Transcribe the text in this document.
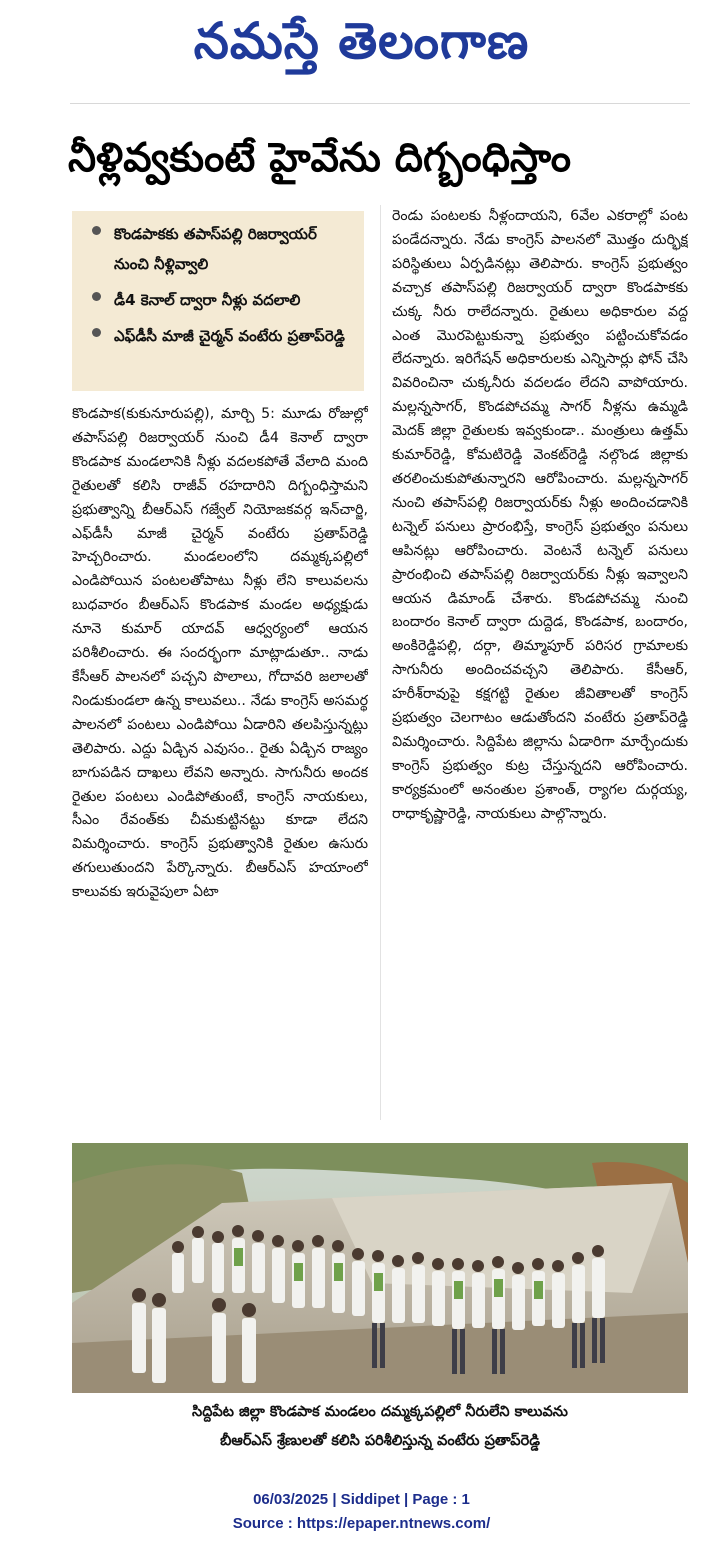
నమస్తే తెలంగాణ
నీళ్లివ్వకుంటే హైవేను దిగ్బంధిస్తాం
కొండపాకకు తపాస్‌పల్లి రిజర్వాయర్ నుంచి నీళ్లివ్వాలి
డీ4 కెనాల్ ద్వారా నీళ్లు వదలాలి
ఎఫ్‌డీసీ మాజీ చైర్మన్ వంటేరు ప్రతాప్‌రెడ్డి
కొండపాక(కుకునూరుపల్లి), మార్చి 5: మూడు రోజుల్లో తపాస్‌పల్లి రిజర్వాయర్ నుంచి డీ4 కెనాల్ ద్వారా కొండపాక మండలానికి నీళ్లు వదలకపోతే వేలాది మంది రైతులతో కలిసి రాజీవ్ రహదారిని దిగ్బంధిస్తామని ప్రభుత్వాన్ని బీఆర్‌ఎస్ గజ్వేల్ నియోజకవర్గ ఇన్‌చార్జి, ఎఫ్‌డీసీ మాజీ చైర్మన్ వంటేరు ప్రతాప్‌రెడ్డి హెచ్చరించారు. మండలంలోని దమ్మక్కపల్లిలో ఎండిపోయిన పంటలతోపాటు నీళ్లు లేని కాలువలను బుధవారం బీఆర్‌ఎస్ కొండపాక మండల అధ్యక్షుడు నూనె కుమార్ యాదవ్ ఆధ్వర్యంలో ఆయన పరిశీలించారు. ఈ సందర్భంగా మాట్లాడుతూ.. నాడు కేసీఆర్ పాలనలో పచ్చని పొలాలు, గోదావరి జలాలతో నిండుకుండలా ఉన్న కాలువలు.. నేడు కాంగ్రెస్ అసమర్థ పాలనలో పంటలు ఎండిపోయి ఏడారిని తలపిస్తున్నట్లు తెలిపారు. ఎద్దు ఏడ్చిన ఎవుసం.. రైతు ఏడ్చిన రాజ్యం బాగుపడిన దాఖలు లేవని అన్నారు. సాగునీరు అందక రైతుల పంటలు ఎండిపోతుంటే, కాంగ్రెస్ నాయకులు, సీఎం రేవంత్‌కు చీమకుట్టినట్టు కూడా లేదని విమర్శించారు. కాంగ్రెస్ ప్రభుత్వానికి రైతుల ఉసురు తగులుతుందని పేర్కొన్నారు. బీఆర్‌ఎస్ హయాంలో కాలువకు ఇరువైపులా ఏటా
రెండు పంటలకు నీళ్లందాయని, 6వేల ఎకరాల్లో పంట పండేదన్నారు. నేడు కాంగ్రెస్ పాలనలో మొత్తం దుర్భిక్ష పరిస్థితులు ఏర్పడినట్లు తెలిపారు. కాంగ్రెస్ ప్రభుత్వం వచ్చాక తపాస్‌పల్లి రిజర్వాయర్ ద్వారా కొండపాకకు చుక్క నీరు రాలేదన్నారు. రైతులు అధికారుల వద్ద ఎంత మొరపెట్టుకున్నా ప్రభుత్వం పట్టించుకోవడం లేదన్నారు. ఇరిగేషన్ అధికారులకు ఎన్నిసార్లు ఫోన్ చేసి వివరించినా చుక్కనీరు వదలడం లేదని వాపోయారు. మల్లన్నసాగర్, కొండపోచమ్మ సాగర్ నీళ్లను ఉమ్మడి మెదక్ జిల్లా రైతులకు ఇవ్వకుండా.. మంత్రులు ఉత్తమ్ కుమార్‌రెడ్డి, కోమటిరెడ్డి వెంకట్‌రెడ్డి నల్గొండ జిల్లాకు తరలించుకుపోతున్నారని ఆరోపించారు. మల్లన్నసాగర్ నుంచి తపాస్‌పల్లి రిజర్వాయర్‌కు నీళ్లు అందించడానికి టన్నెల్ పనులు ప్రారంభిస్తే, కాంగ్రెస్ ప్రభుత్వం పనులు ఆపినట్లు ఆరోపించారు. వెంటనే టన్నెల్ పనులు ప్రారంభించి తపాస్‌పల్లి రిజర్వాయర్‌కు నీళ్లు ఇవ్వాలని ఆయన డిమాండ్ చేశారు. కొండపోచమ్మ నుంచి బందారం కెనాల్ ద్వారా దుద్దెడ, కొండపాక, బందారం, అంకిరెడ్డిపల్లి, దర్గా, తిమ్మాపూర్ పరిసర గ్రామాలకు సాగునీరు అందించవచ్చని తెలిపారు. కేసీఆర్, హరీశ్‌రావుపై కక్షగట్టి రైతుల జీవితాలతో కాంగ్రెస్ ప్రభుత్వం చెలగాటం ఆడుతోందని వంటేరు ప్రతాప్‌రెడ్డి విమర్శించారు. సిద్దిపేట జిల్లాను ఏడారిగా మార్చేందుకు కాంగ్రెస్ ప్రభుత్వం కుట్ర చేస్తున్నదని ఆరోపించారు. కార్యక్రమంలో అనంతుల ప్రశాంత్, ర్యాగల దుర్గయ్య, రాధాకృష్ణారెడ్డి, నాయకులు పాల్గొన్నారు.
సిద్దిపేట జిల్లా కొండపాక మండలం దమ్మక్కపల్లిలో నీరులేని కాలువను
బీఆర్‌ఎస్ శ్రేణులతో కలిసి పరిశీలిస్తున్న వంటేరు ప్రతాప్‌రెడ్డి
06/03/2025 | Siddipet | Page : 1
Source : https://epaper.ntnews.com/
